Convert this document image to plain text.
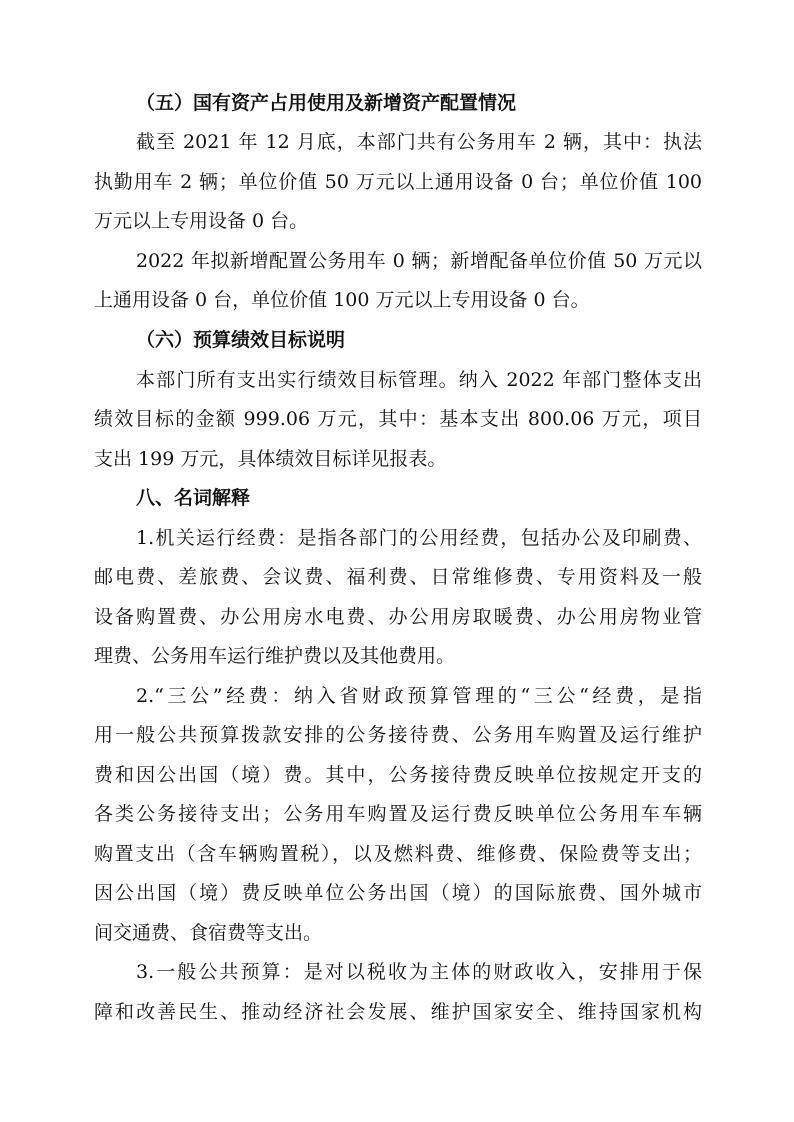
（五）国有资产占用使用及新增资产配置情况
截至 2021 年 12 月底，本部门共有公务用车 2 辆，其中：执法
执勤用车 2 辆；单位价值 50 万元以上通用设备 0 台；单位价值 100
万元以上专用设备 0 台。
2022 年拟新增配置公务用车 0 辆；新增配备单位价值 50 万元以
上通用设备 0 台，单位价值 100 万元以上专用设备 0 台。
（六）预算绩效目标说明
本部门所有支出实行绩效目标管理。纳入 2022 年部门整体支出
绩效目标的金额 999.06 万元，其中：基本支出 800.06 万元，项目
支出 199 万元，具体绩效目标详见报表。
八、名词解释
1.机关运行经费：是指各部门的公用经费，包括办公及印刷费、
邮电费、差旅费、会议费、福利费、日常维修费、专用资料及一般
设备购置费、办公用房水电费、办公用房取暖费、办公用房物业管
理费、公务用车运行维护费以及其他费用。
2.“三公”经费：纳入省财政预算管理的“三公“经费，是指
用一般公共预算拨款安排的公务接待费、公务用车购置及运行维护
费和因公出国（境）费。其中，公务接待费反映单位按规定开支的
各类公务接待支出；公务用车购置及运行费反映单位公务用车车辆
购置支出（含车辆购置税），以及燃料费、维修费、保险费等支出；
因公出国（境）费反映单位公务出国（境）的国际旅费、国外城市
间交通费、食宿费等支出。
3.一般公共预算：是对以税收为主体的财政收入，安排用于保
障和改善民生、推动经济社会发展、维护国家安全、维持国家机构
